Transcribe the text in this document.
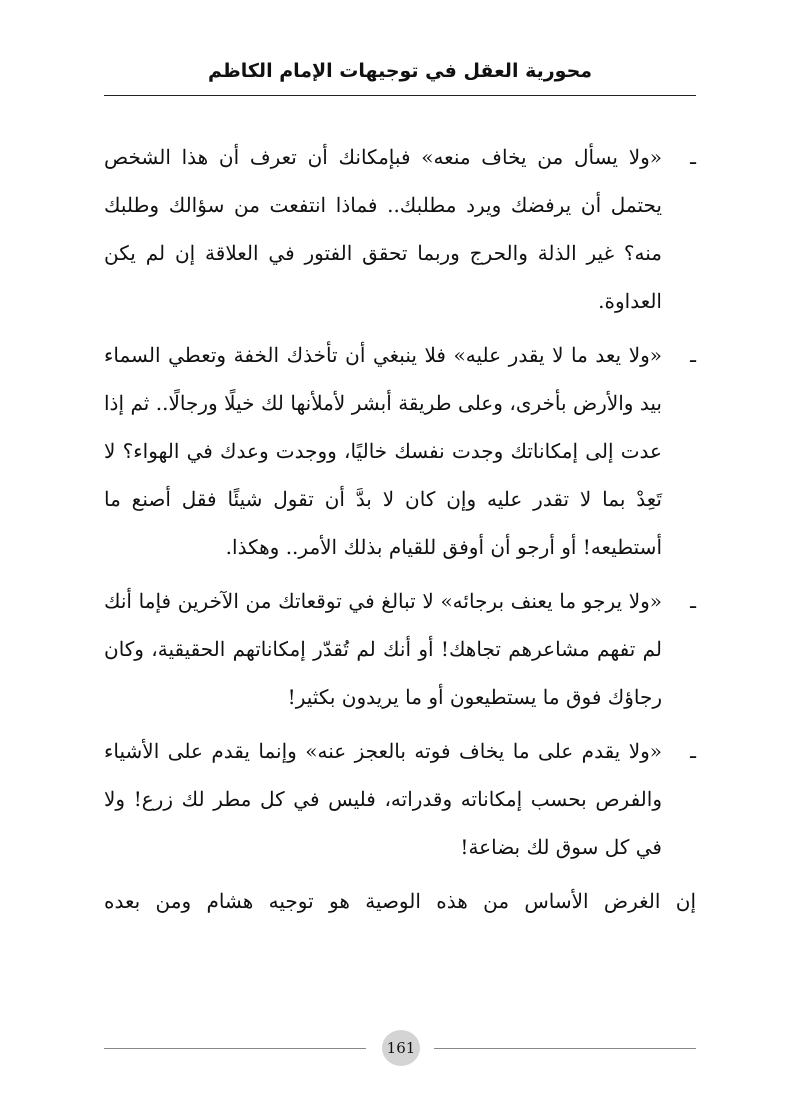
محورية العقل في توجيهات الإمام الكاظم

ـ
«ولا يسأل من يخاف منعه» فبإمكانك أن تعرف أن هذا الشخص يحتمل أن يرفضك ويرد مطلبك.. فماذا انتفعت من سؤالك وطلبك منه؟ غير الذلة والحرج وربما تحقق الفتور في العلاقة إن لم يكن العداوة.

ـ
«ولا يعد ما لا يقدر عليه» فلا ينبغي أن تأخذك الخفة وتعطي السماء بيد والأرض بأخرى، وعلى طريقة أبشر لأملأنها لك خيلًا ورجالًا.. ثم إذا عدت إلى إمكاناتك وجدت نفسك خاليًا، ووجدت وعدك في الهواء؟ لا تَعِدْ بما لا تقدر عليه وإن كان لا بدَّ أن تقول شيئًا فقل أصنع ما أستطيعه! أو أرجو أن أوفق للقيام بذلك الأمر.. وهكذا.

ـ
«ولا يرجو ما يعنف برجائه» لا تبالغ في توقعاتك من الآخرين فإما أنك لم تفهم مشاعرهم تجاهك! أو أنك لم تُقدّر إمكاناتهم الحقيقية، وكان رجاؤك فوق ما يستطيعون أو ما يريدون بكثير!

ـ
«ولا يقدم على ما يخاف فوته بالعجز عنه» وإنما يقدم على الأشياء والفرص بحسب إمكاناته وقدراته، فليس في كل مطر لك زرع! ولا في كل سوق لك بضاعة!

إن الغرض الأساس من هذه الوصية هو توجيه هشام ومن بعده

161
